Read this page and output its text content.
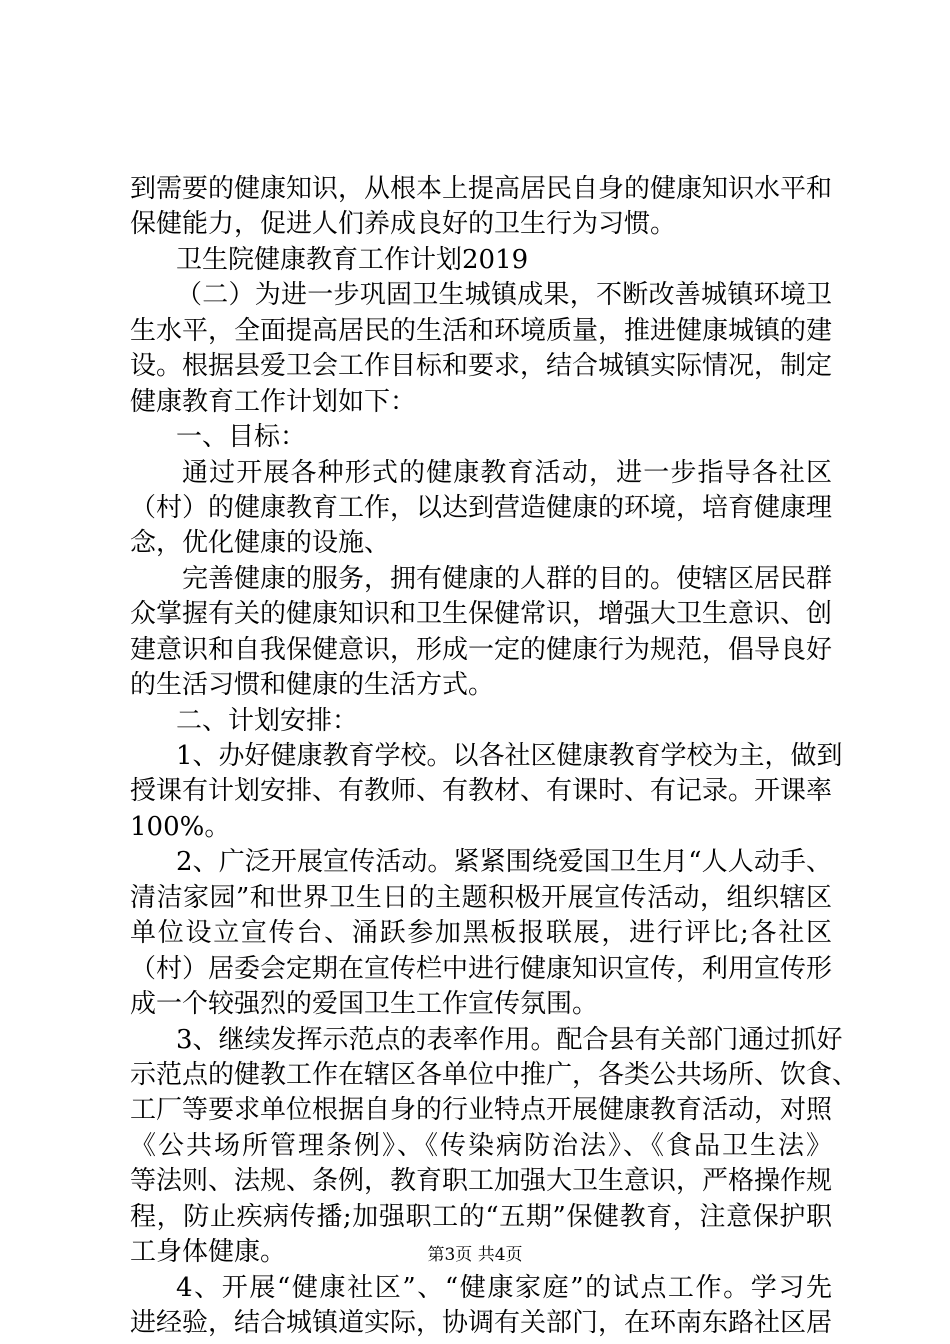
到需要的健康知识，从根本上提高居民自身的健康知识水平和
保健能力，促进人们养成良好的卫生行为习惯。
卫生院健康教育工作计划2019
（二）为进一步巩固卫生城镇成果，不断改善城镇环境卫
生水平，全面提高居民的生活和环境质量，推进健康城镇的建
设。根据县爱卫会工作目标和要求，结合城镇实际情况，制定
健康教育工作计划如下：
一、目标：
通过开展各种形式的健康教育活动，进一步指导各社区
（村）的健康教育工作，以达到营造健康的环境，培育健康理
念，优化健康的设施、
完善健康的服务，拥有健康的人群的目的。使辖区居民群
众掌握有关的健康知识和卫生保健常识，增强大卫生意识、创
建意识和自我保健意识，形成一定的健康行为规范，倡导良好
的生活习惯和健康的生活方式。
二、计划安排：
1、办好健康教育学校。以各社区健康教育学校为主，做到
授课有计划安排、有教师、有教材、有课时、有记录。开课率
100%。
2、广泛开展宣传活动。紧紧围绕爱国卫生月“人人动手、
清洁家园”和世界卫生日的主题积极开展宣传活动，组织辖区
单位设立宣传台、涌跃参加黑板报联展，进行评比;各社区
（村）居委会定期在宣传栏中进行健康知识宣传，利用宣传形
成一个较强烈的爱国卫生工作宣传氛围。
3、继续发挥示范点的表率作用。配合县有关部门通过抓好
示范点的健教工作在辖区各单位中推广，各类公共场所、饮食、
工厂等要求单位根据自身的行业特点开展健康教育活动，对照
《公共场所管理条例》、《传染病防治法》、《食品卫生法》
等法则、法规、条例，教育职工加强大卫生意识，严格操作规
程，防止疾病传播;加强职工的“五期”保健教育，注意保护职
工身体健康。
4、开展“健康社区”、“健康家庭”的试点工作。学习先
进经验，结合城镇道实际，协调有关部门，在环南东路社区居
第3页 共4页
